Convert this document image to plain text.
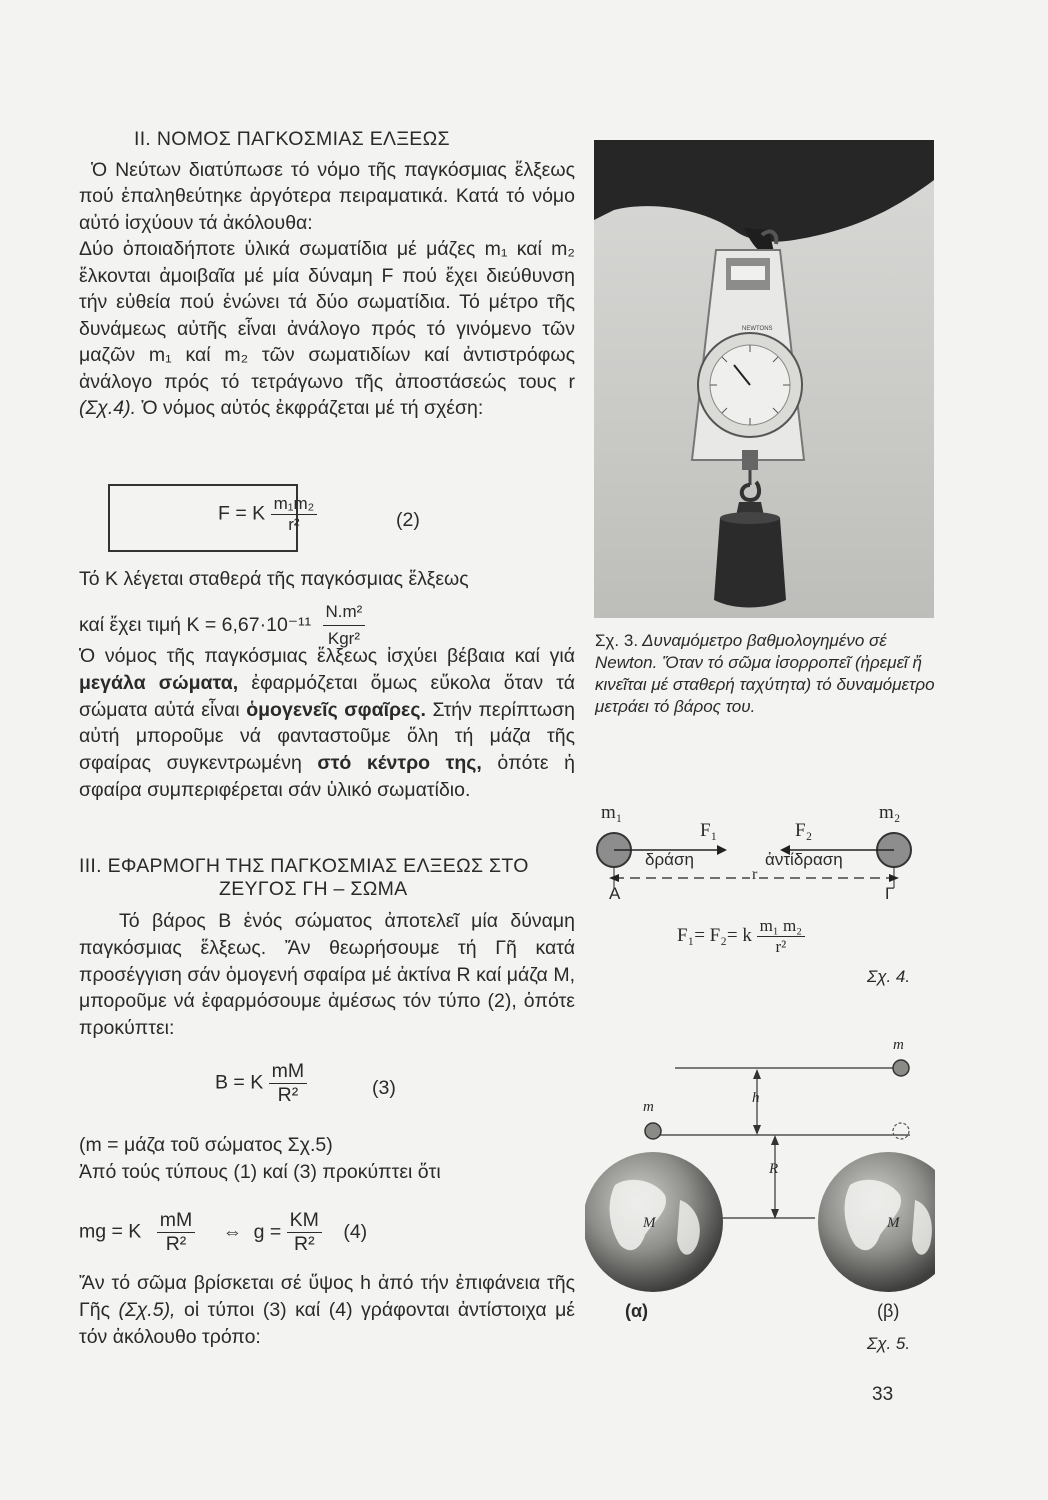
II. ΝΟΜΟΣ ΠΑΓΚΟΣΜΙΑΣ ΕΛΞΕΩΣ

Ὁ Νεύτων διατύπωσε τό νόμο τῆς παγκόσμιας ἕλξεως πού ἐπαληθεύτηκε ἀργότερα πειραματικά. Κατά τό νόμο αὐτό ἰσχύουν τά ἀκόλουθα:

Δύο ὁποιαδήποτε ὑλικά σωματίδια μέ μάζες m₁ καί m₂ ἕλκονται ἀμοιβαῖα μέ μία δύναμη F πού ἔχει διεύθυνση τήν εὐθεία πού ἑνώνει τά δύο σωματίδια. Τό μέτρο τῆς δυνάμεως αὐτῆς εἶναι ἀνάλογο πρός τό γινόμενο τῶν μαζῶν m₁ καί m₂ τῶν σωματιδίων καί ἀντιστρόφως ἀνάλογο πρός τό τετράγωνο τῆς ἀποστάσεώς τους r (Σχ.4). Ὁ νόμος αὐτός ἐκφράζεται μέ τή σχέση:

F = K $\frac{\text{m₁m₂}}{\text{r²}}$	(2)
Τό Κ λέγεται σταθερά τῆς παγκόσμιας ἕλξεως
καί ἔχει τιμή $K = 6,67\cdot 10^{-11} \frac{\text{N.m²}}{\text{Kgr²}}$
Ὁ νόμος τῆς παγκόσμιας ἕλξεως ἰσχύει βέβαια καί γιά μεγάλα σώματα, ἐφαρμόζεται ὅμως εὔκολα ὅταν τά σώματα αὐτά εἶναι ὁμογενεῖς σφαῖρες. Στήν περίπτωση αὐτή μποροῦμε νά φανταστοῦμε ὅλη τή μάζα τῆς σφαίρας συγκεντρωμένη στό κέντρο της, ὁπότε ἡ σφαίρα συμπεριφέρεται σάν ὑλικό σωματίδιο.
III. ΕΦΑΡΜΟΓΗ ΤΗΣ ΠΑΓΚΟΣΜΙΑΣ ΕΛΞΕΩΣ ΣΤΟ
ΖΕΥΓΟΣ ΓΗ – ΣΩΜΑ
Τό βάρος Β ἑνός σώματος ἀποτελεῖ μία δύναμη παγκόσμιας ἕλξεως. Ἄν θεωρήσουμε τή Γῆ κατά προσέγγιση σάν ὁμογενή σφαίρα μέ ἀκτίνα R καί μάζα M, μποροῦμε νά ἐφαρμόσουμε ἀμέσως τόν τύπο (2), ὁπότε προκύπτει:
B = K $\frac{mM}{\text{R²}}$	(3)
(m = μάζα τοῦ σώματος Σχ.5)
Ἀπό τούς τύπους (1) καί (3) προκύπτει ὅτι
mg = K $\frac{mM}{\text{R²}}$ ⇔ $g = \frac{KM}{\text{R²}} (4)$
Ἄν τό σῶμα βρίσκεται σέ ὕψος h ἀπό τήν ἐπιφάνεια τῆς Γῆς (Σχ.5), οἱ τύποι (3) καί (4) γράφονται ἀντίστοιχα μέ τόν ἀκόλουθο τρόπο:
NEWTONS
Σχ. 3. Δυναμόμετρο βαθμολογημένο σέ Newton. Ὅταν τό σῶμα ἰσορροπεῖ (ἠρεμεῖ ἤ κινεῖται μέ σταθερή ταχύτητα) τό δυναμόμετρο μετράει τό βάρος του.
m₁	m₂
F₁	F₂
δράση	ἀντίδραση
r
A	Γ
F₁= F₂= k $\frac{\text{m₁ m₂}}{\text{r²}}$
Σχ. 4.
m
m
h
R
M	M
(α)	(β)
Σχ. 5.
33
